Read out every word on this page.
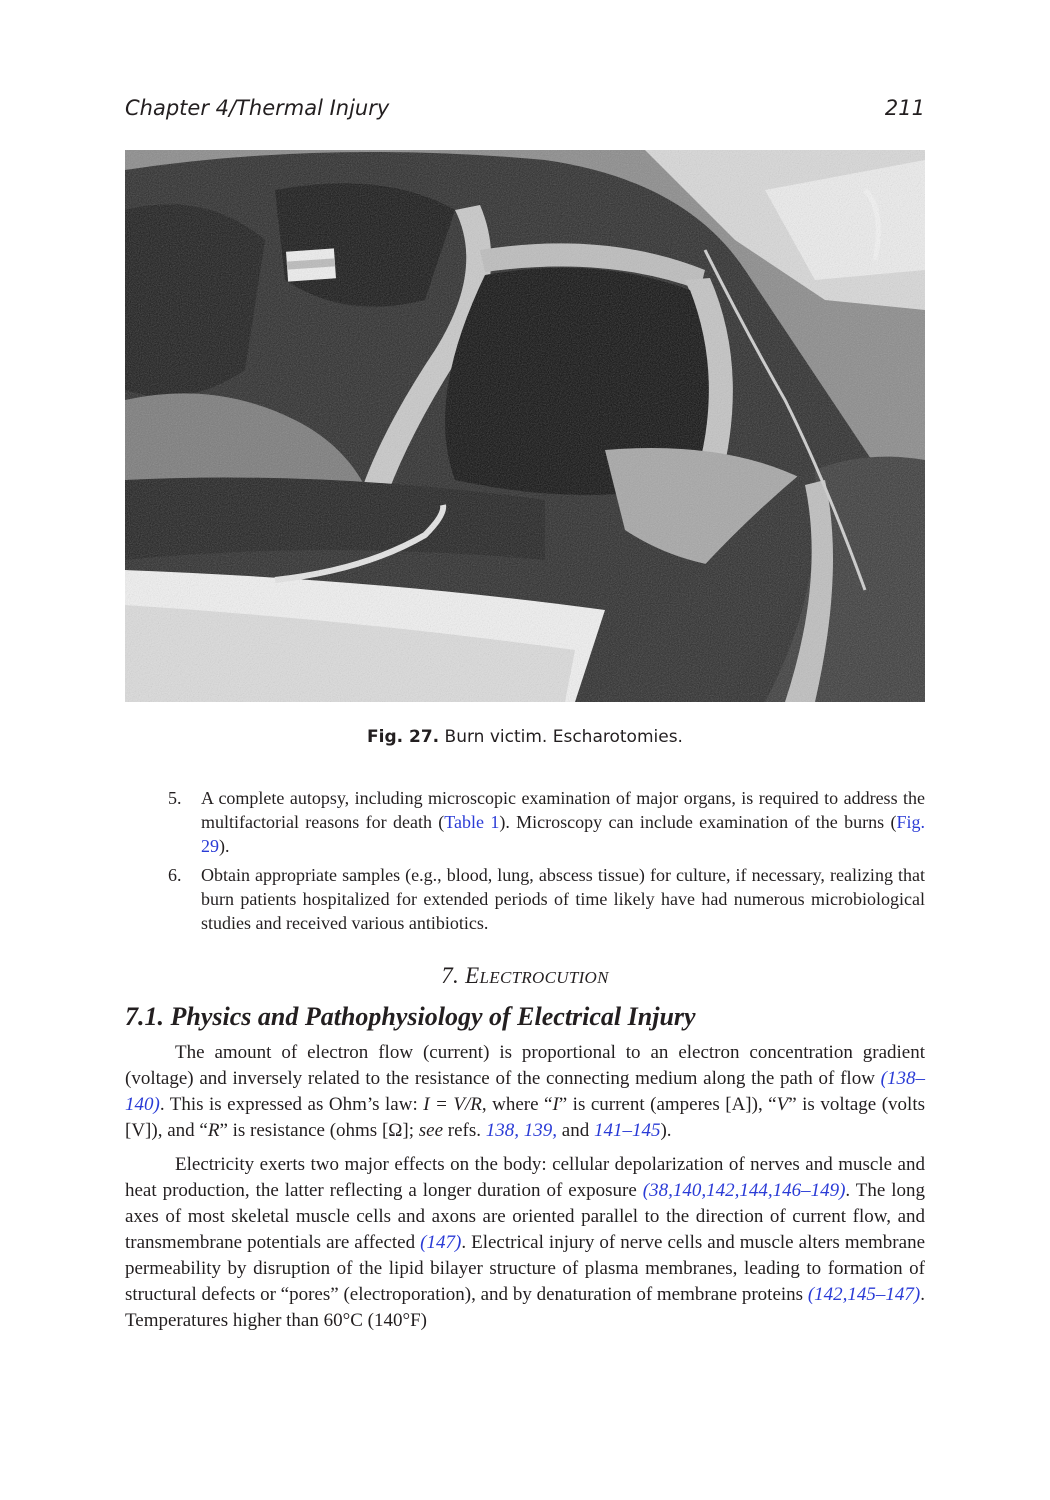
Chapter 4/Thermal Injury	211
Fig. 27. Burn victim. Escharotomies.
5. A complete autopsy, including microscopic examination of major organs, is required to address the multifactorial reasons for death (Table 1). Microscopy can include examination of the burns (Fig. 29).
6. Obtain appropriate samples (e.g., blood, lung, abscess tissue) for culture, if necessary, realizing that burn patients hospitalized for extended periods of time likely have had numerous microbiological studies and received various antibiotics.
7. ELECTROCUTION
7.1. Physics and Pathophysiology of Electrical Injury

The amount of electron flow (current) is proportional to an electron concentration gradient (voltage) and inversely related to the resistance of the connecting medium along the path of flow (138–140). This is expressed as Ohm’s law: I = V/R, where “I” is current (amperes [A]), “V” is voltage (volts [V]), and “R” is resistance (ohms [Ω]; see refs. 138, 139, and 141–145).

Electricity exerts two major effects on the body: cellular depolarization of nerves and muscle and heat production, the latter reflecting a longer duration of exposure (38,140,142,144,146–149). The long axes of most skeletal muscle cells and axons are oriented parallel to the direction of current flow, and transmembrane potentials are affected (147). Electrical injury of nerve cells and muscle alters membrane permeability by disruption of the lipid bilayer structure of plasma membranes, leading to formation of structural defects or “pores” (electroporation), and by denaturation of membrane proteins (142,145–147). Temperatures higher than 60°C (140°F)
